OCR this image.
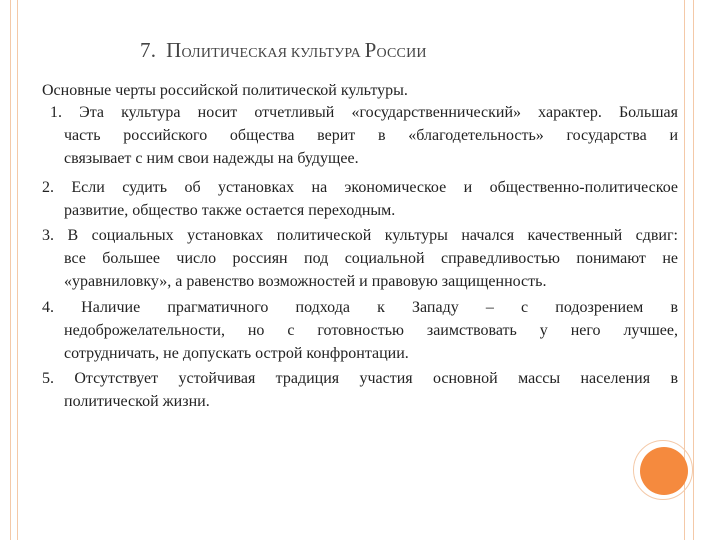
7. ПОЛИТИЧЕСКАЯ КУЛЬТУРА РОССИИ
Основные черты российской политической культуры.
1. Эта культура носит отчетливый «государственнический» характер. Большая
часть российского общества верит в «благодетельность» государства и
связывает с ним свои надежды на будущее.
2. Если судить об установках на экономическое и общественно-политическое
развитие, общество также остается переходным.
3. В социальных установках политической культуры начался качественный сдвиг:
все большее число россиян под социальной справедливостью понимают не
«уравниловку», а равенство возможностей и правовую защищенность.
4. Наличие прагматичного подхода к Западу – с подозрением в
недоброжелательности, но с готовностью заимствовать у него лучшее,
сотрудничать, не допускать острой конфронтации.
5. Отсутствует устойчивая традиция участия основной массы населения в
политической жизни.
